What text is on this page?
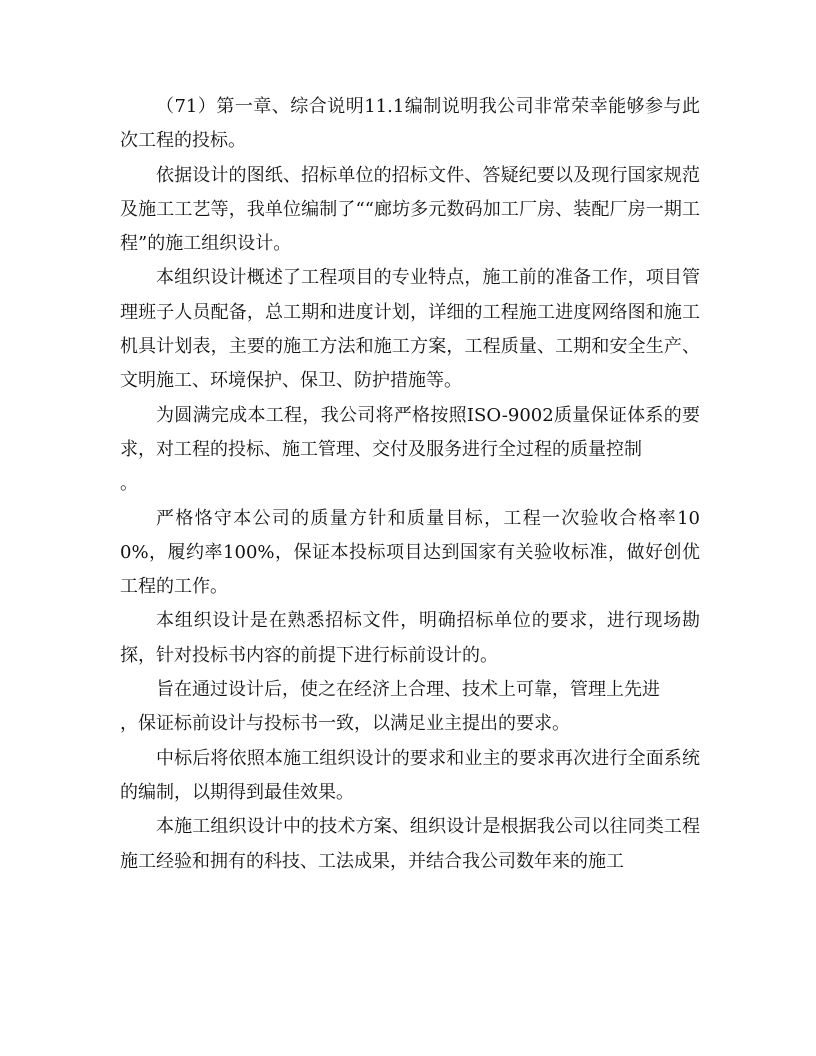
（71）第一章、综合说明11.1编制说明我公司非常荣幸能够参与此次工程的投标。

依据设计的图纸、招标单位的招标文件、答疑纪要以及现行国家规范及施工工艺等，我单位编制了““廊坊多元数码加工厂房、装配厂房一期工程”的施工组织设计。

本组织设计概述了工程项目的专业特点，施工前的准备工作，项目管理班子人员配备，总工期和进度计划，详细的工程施工进度网络图和施工机具计划表，主要的施工方法和施工方案，工程质量、工期和安全生产、文明施工、环境保护、保卫、防护措施等。

为圆满完成本工程，我公司将严格按照ISO-9002质量保证体系的要求，对工程的投标、施工管理、交付及服务进行全过程的质量控制
。

严格恪守本公司的质量方针和质量目标，工程一次验收合格率100%，履约率100%，保证本投标项目达到国家有关验收标准，做好创优工程的工作。

本组织设计是在熟悉招标文件，明确招标单位的要求，进行现场勘探，针对投标书内容的前提下进行标前设计的。

旨在通过设计后，使之在经济上合理、技术上可靠，管理上先进
，保证标前设计与投标书一致，以满足业主提出的要求。

中标后将依照本施工组织设计的要求和业主的要求再次进行全面系统的编制，以期得到最佳效果。

本施工组织设计中的技术方案、组织设计是根据我公司以往同类工程施工经验和拥有的科技、工法成果，并结合我公司数年来的施工
